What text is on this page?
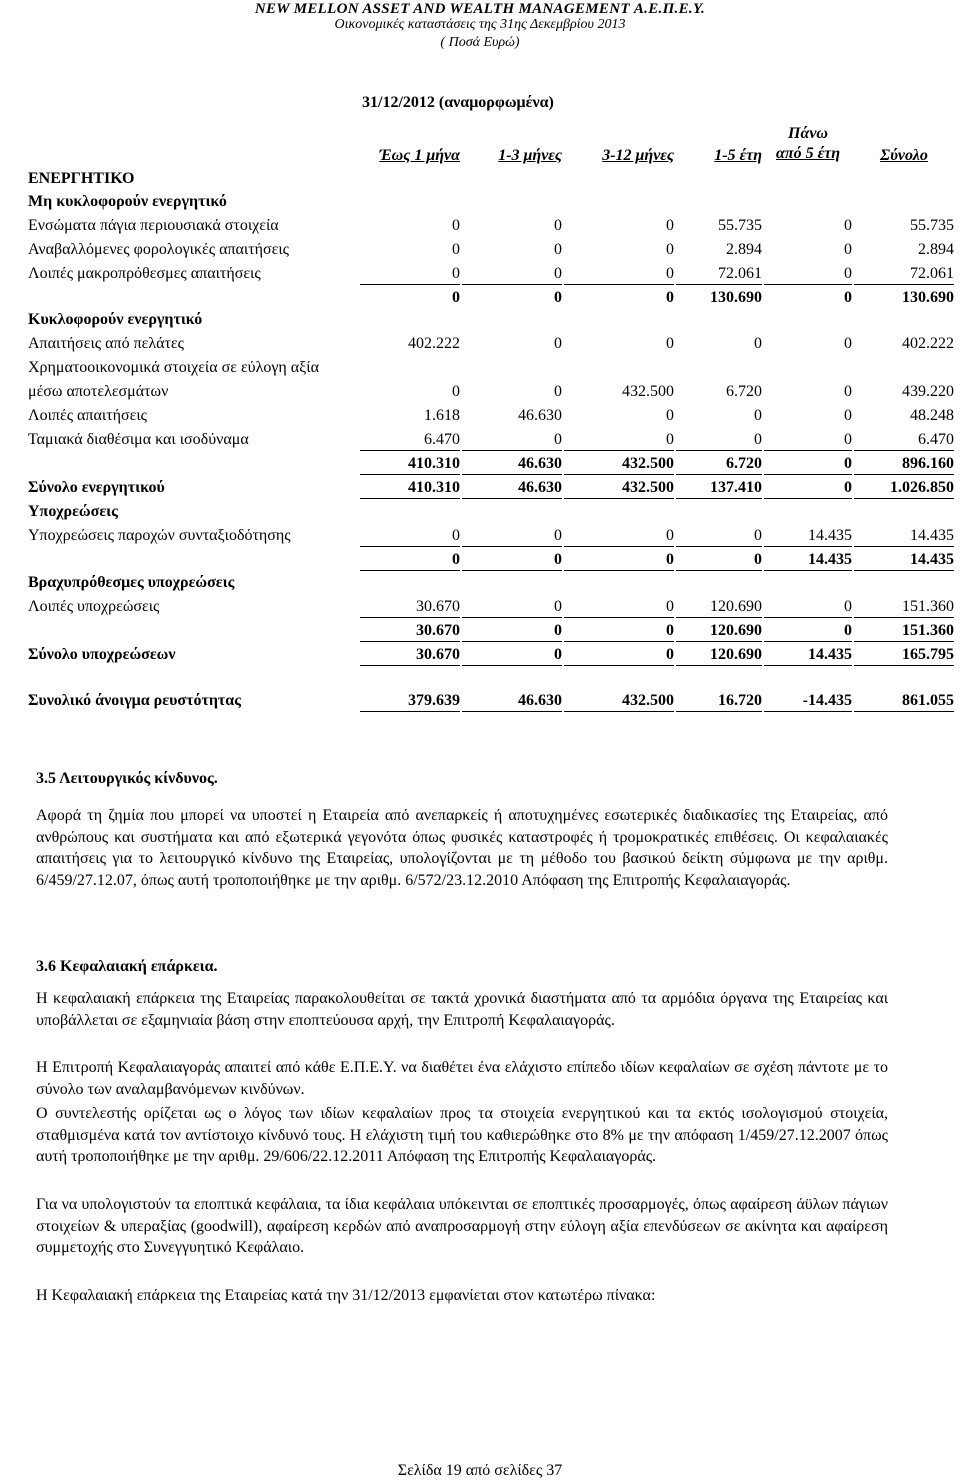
NEW MELLON ASSET AND WEALTH MANAGEMENT Α.Ε.Π.Ε.Υ.
Οικονομικές καταστάσεις της 31ης Δεκεμβρίου 2013
( Ποσά Ευρώ)
31/12/2012 (αναμορφωμένα)
Έως 1 μήνα	1-3 μήνες	3-12 μήνες	1-5 έτη
Πάνω
από 5 έτη	Σύνολο
ΕΝΕΡΓΗΤΙΚΟ
Μη κυκλοφορούν ενεργητικό
Ενσώματα πάγια περιουσιακά στοιχεία	0	0	0	55.735	0	55.735
Αναβαλλόμενες φορολογικές απαιτήσεις	0	0	0	2.894	0	2.894
Λοιπές μακροπρόθεσμες απαιτήσεις	0	0	0	72.061	0	72.061
0	0	0	130.690	0	130.690
Κυκλοφορούν ενεργητικό
Απαιτήσεις από πελάτες	402.222	0	0	0	0	402.222
Χρηματοοικονομικά στοιχεία σε εύλογη αξία
μέσω αποτελεσμάτων	0	0	432.500	6.720	0	439.220
Λοιπές απαιτήσεις	1.618	46.630	0	0	0	48.248
Ταμιακά διαθέσιμα και ισοδύναμα	6.470	0	0	0	0	6.470
410.310	46.630	432.500	6.720	0	896.160
Σύνολο ενεργητικού	410.310	46.630	432.500	137.410	0	1.026.850
Υποχρεώσεις
Υποχρεώσεις παροχών συνταξιοδότησης	0	0	0	0	14.435	14.435
0	0	0	0	14.435	14.435
Βραχυπρόθεσμες υποχρεώσεις
Λοιπές υποχρεώσεις	30.670	0	0	120.690	0	151.360
30.670	0	0	120.690	0	151.360
Σύνολο υποχρεώσεων	30.670	0	0	120.690	14.435	165.795
Συνολικό άνοιγμα ρευστότητας	379.639	46.630	432.500	16.720	-14.435	861.055
3.5 Λειτουργικός κίνδυνος.

Αφορά τη ζημία που μπορεί να υποστεί η Εταιρεία από ανεπαρκείς ή αποτυχημένες εσωτερικές διαδικασίες της Εταιρείας, από ανθρώπους και συστήματα και από εξωτερικά γεγονότα όπως φυσικές καταστροφές ή τρομοκρατικές επιθέσεις. Οι κεφαλαιακές απαιτήσεις για το λειτουργικό κίνδυνο της Εταιρείας, υπολογίζονται με τη μέθοδο του βασικού δείκτη σύμφωνα με την αριθμ. 6/459/27.12.07, όπως αυτή τροποποιήθηκε με την αριθμ. 6/572/23.12.2010 Απόφαση της Επιτροπής Κεφαλαιαγοράς.

3.6 Κεφαλαιακή επάρκεια.

Η κεφαλαιακή επάρκεια της Εταιρείας παρακολουθείται σε τακτά χρονικά διαστήματα από τα αρμόδια όργανα της Εταιρείας και υποβάλλεται σε εξαμηνιαία βάση στην εποπτεύουσα αρχή, την Επιτροπή Κεφαλαιαγοράς.

Η Επιτροπή Κεφαλαιαγοράς απαιτεί από κάθε Ε.Π.Ε.Υ. να διαθέτει ένα ελάχιστο επίπεδο ιδίων κεφαλαίων σε σχέση πάντοτε με το σύνολο των αναλαμβανόμενων κινδύνων.

Ο συντελεστής ορίζεται ως ο λόγος των ιδίων κεφαλαίων προς τα στοιχεία ενεργητικού και τα εκτός ισολογισμού στοιχεία, σταθμισμένα κατά τον αντίστοιχο κίνδυνό τους. Η ελάχιστη τιμή του καθιερώθηκε στο 8% με την απόφαση 1/459/27.12.2007 όπως αυτή τροποποιήθηκε με την αριθμ. 29/606/22.12.2011 Απόφαση της Επιτροπής Κεφαλαιαγοράς.

Για να υπολογιστούν τα εποπτικά κεφάλαια, τα ίδια κεφάλαια υπόκεινται σε εποπτικές προσαρμογές, όπως αφαίρεση άϋλων πάγιων στοιχείων & υπεραξίας (goodwill), αφαίρεση κερδών από αναπροσαρμογή στην εύλογη αξία επενδύσεων σε ακίνητα και αφαίρεση συμμετοχής στο Συνεγγυητικό Κεφάλαιο.

Η Κεφαλαιακή επάρκεια της Εταιρείας κατά την 31/12/2013 εμφανίεται στον κατωτέρω πίνακα:

Σελίδα 19 από σελίδες 37
